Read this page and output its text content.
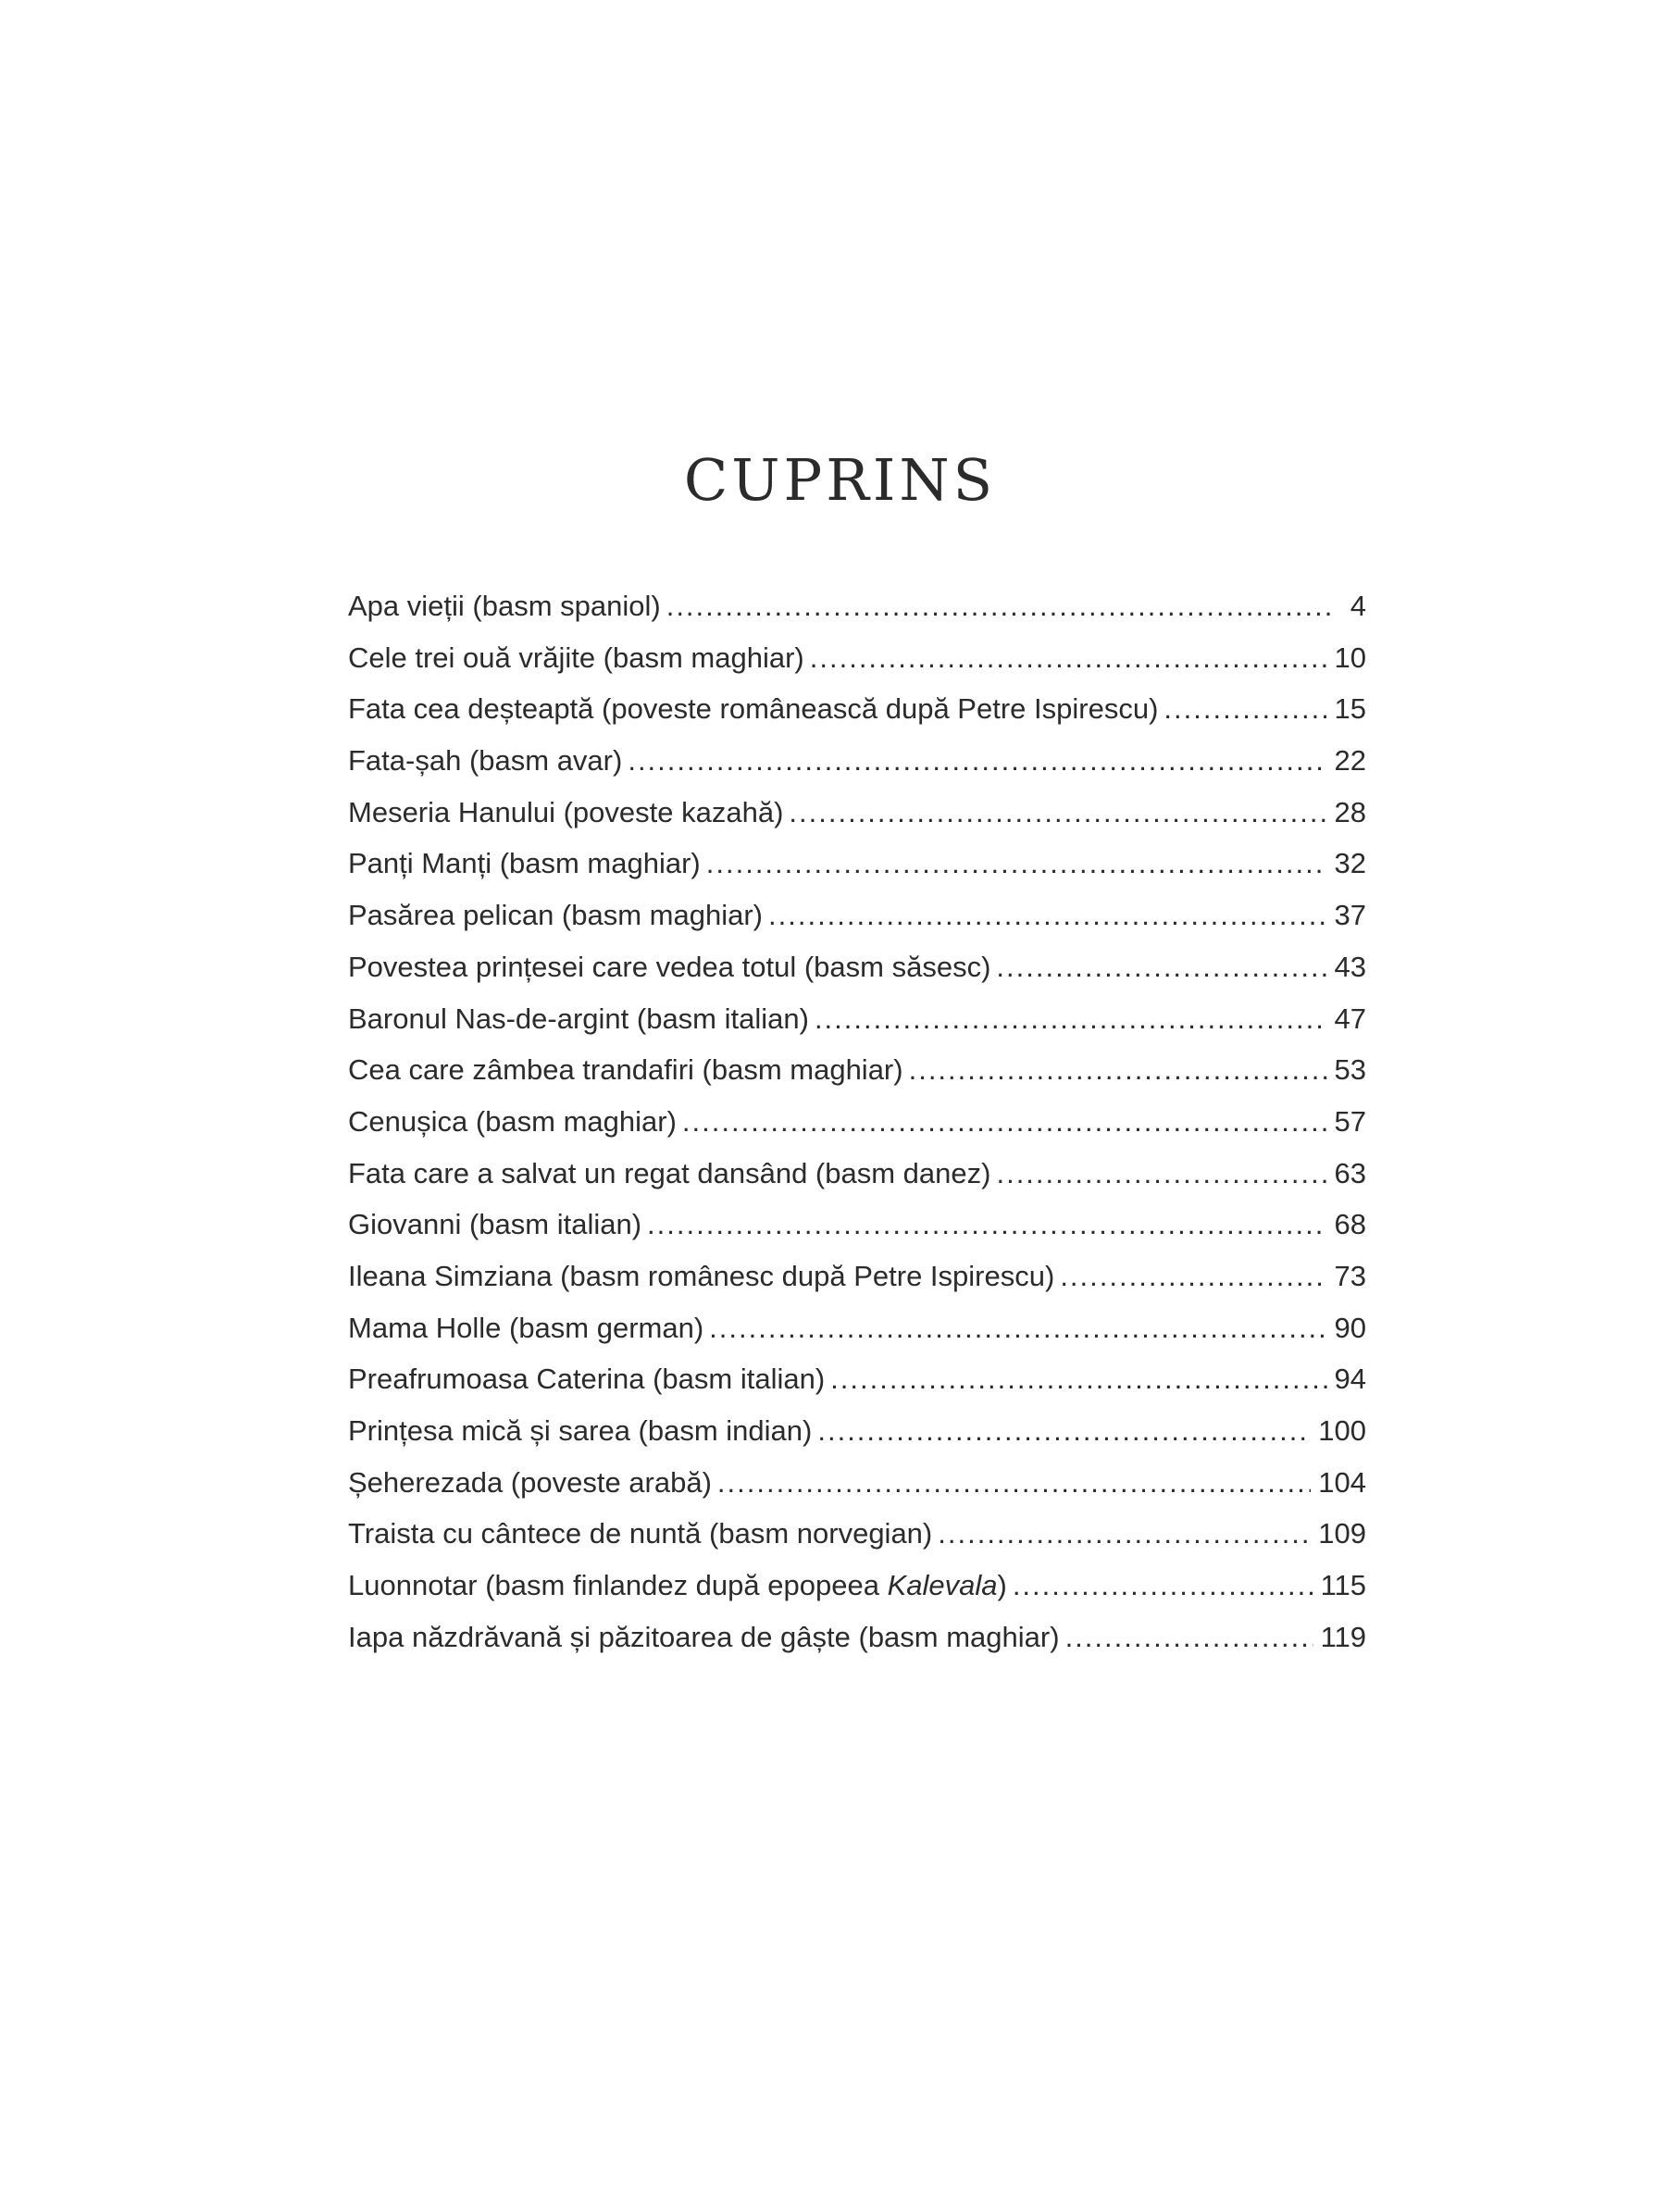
CUPRINS
Apa vieții (basm spaniol) .....	4
Cele trei ouă vrăjite (basm maghiar) .....	10
Fata cea deșteaptă (poveste românească după Petre Ispirescu) .....	15
Fata-șah (basm avar) .....	22
Meseria Hanului (poveste kazahă) .....	28
Panți Manți (basm maghiar) .....	32
Pasărea pelican (basm maghiar) .....	37
Povestea prințesei care vedea totul (basm săsesc) .....	43
Baronul Nas-de-argint (basm italian) .....	47
Cea care zâmbea trandafiri (basm maghiar) .....	53
Cenușica (basm maghiar) .....	57
Fata care a salvat un regat dansând (basm danez) .....	63
Giovanni (basm italian) .....	68
Ileana Simziana (basm românesc după Petre Ispirescu) .....	73
Mama Holle (basm german) .....	90
Preafrumoasa Caterina (basm italian) .....	94
Prințesa mică și sarea (basm indian) .....	100
Șeherezada (poveste arabă) .....	104
Traista cu cântece de nuntă (basm norvegian) .....	109
Luonnotar (basm finlandez după epopeea Kalevala) .....	115
Iapa năzdrăvană și păzitoarea de gâște (basm maghiar) .....	119
